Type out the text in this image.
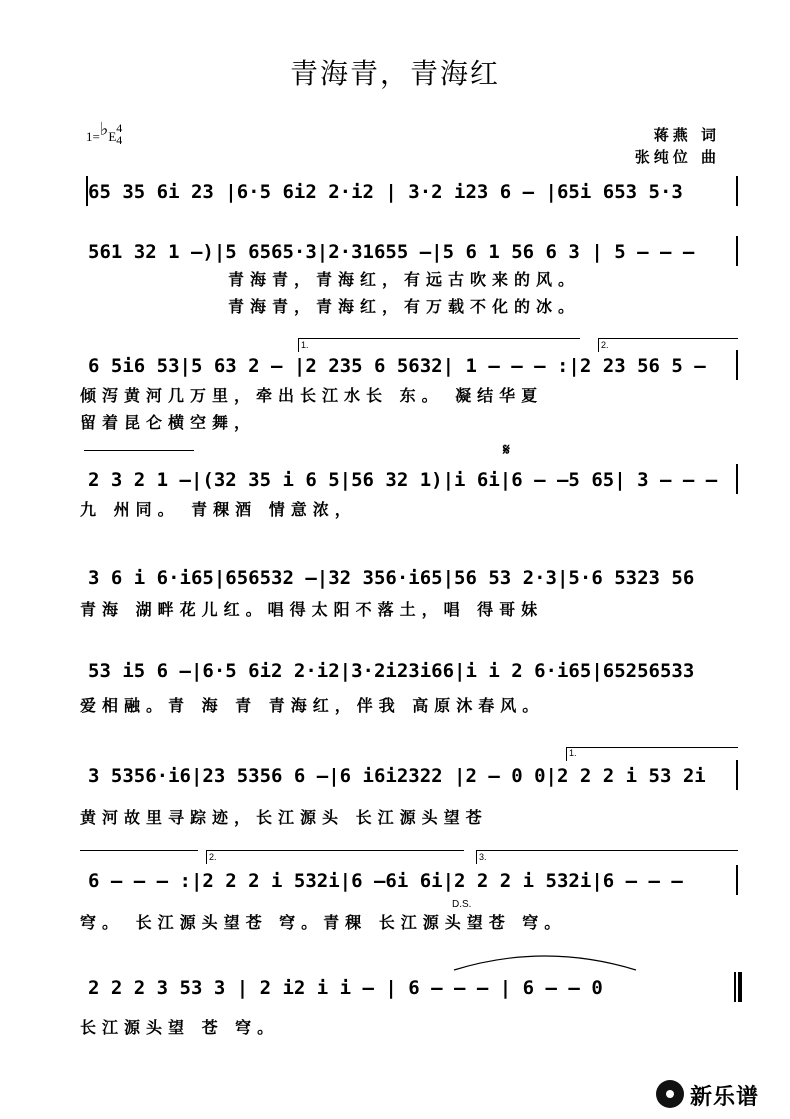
青海青，青海红
1=♭E4
4	蒋燕 词
张纯位 曲
65 35 6i 23 |6·5 6i2 2·i2 | 3·2 i23 6 – |65i 653 5·3
561 32 1 –)|5 6565·3|2·31655 –|5 6 1 56 6 3 | 5 – – –
青海青，青海红，有远古吹来的风。
青海青，青海红，有万载不化的冰。
1.	2.
6 5i6 53|5 63 2 – |2 235 6 5632| 1 – – – :|2 23 56 5 –
倾泻黄河几万里，牵出长江水长 东。 凝结华夏
留着昆仑横空舞，
𝄋
2 3 2 1 –|(32 35 i 6 5|56 32 1)|i 6i|6 – –5 65| 3 – – –
九 州同。 青稞酒 情意浓，
3 6 i 6·i65|656532 –|32 356·i65|56 53 2·3|5·6 5323 56
青海 湖畔花儿红。唱得太阳不落土，唱 得哥妹
53 i5 6 –|6·5 6i2 2·i2|3·2i23i66|i i 2 6·i65|65256533
爱相融。青 海 青 青海红，伴我 高原沐春风。
1.
3 5356·i6|23 5356 6 –|6 i6i2322 |2 – 0 0|2 2 2 i 53 2i
黄河故里寻踪迹，长江源头 长江源头望苍
2.	3.
6 – – – :|2 2 2 i 532i|6 –6i 6i|2 2 2 i 532i|6 – – –
D.S.
穹。 长江源头望苍 穹。青稞 长江源头望苍 穹。
2 2 2 3 53 3 | 2 i2 i i – | 6 – – – | 6 – – 0
长江源头望 苍 穹。
新乐谱
